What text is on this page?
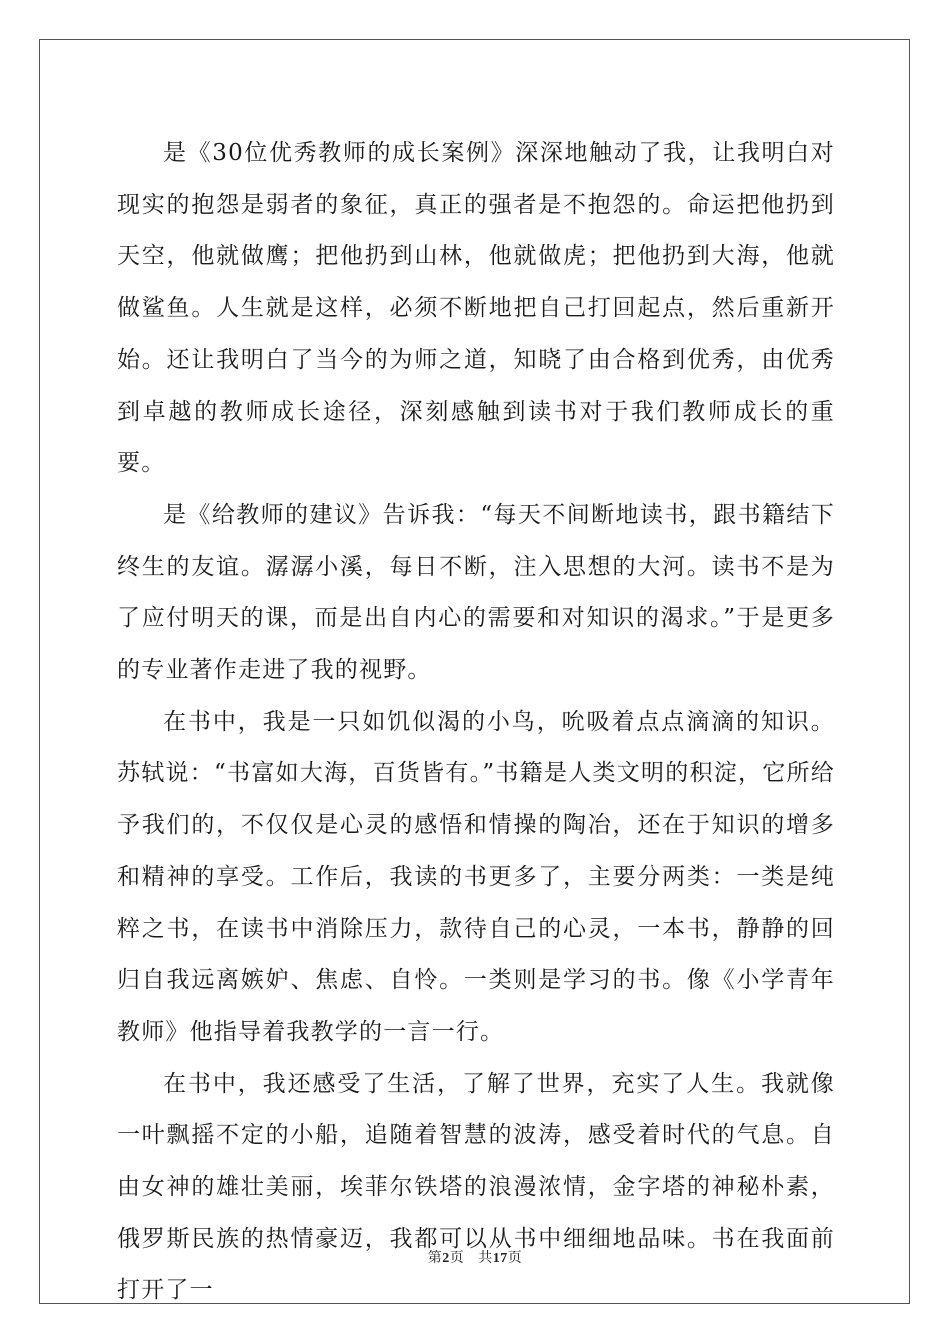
是《30位优秀教师的成长案例》深深地触动了我，让我明白对现实的抱怨是弱者的象征，真正的强者是不抱怨的。命运把他扔到天空，他就做鹰；把他扔到山林，他就做虎；把他扔到大海，他就做鲨鱼。人生就是这样，必须不断地把自己打回起点，然后重新开始。还让我明白了当今的为师之道，知晓了由合格到优秀，由优秀到卓越的教师成长途径，深刻感触到读书对于我们教师成长的重要。

是《给教师的建议》告诉我：“每天不间断地读书，跟书籍结下终生的友谊。潺潺小溪，每日不断，注入思想的大河。读书不是为了应付明天的课，而是出自内心的需要和对知识的渴求。”于是更多的专业著作走进了我的视野。

在书中，我是一只如饥似渴的小鸟，吮吸着点点滴滴的知识。苏轼说：“书富如大海，百货皆有。”书籍是人类文明的积淀，它所给予我们的，不仅仅是心灵的感悟和情操的陶冶，还在于知识的增多和精神的享受。工作后，我读的书更多了，主要分两类：一类是纯粹之书，在读书中消除压力，款待自己的心灵，一本书，静静的回归自我远离嫉妒、焦虑、自怜。一类则是学习的书。像《小学青年教师》他指导着我教学的一言一行。

在书中，我还感受了生活，了解了世界，充实了人生。我就像一叶飘摇不定的小船，追随着智慧的波涛，感受着时代的气息。自由女神的雄壮美丽，埃菲尔铁塔的浪漫浓情，金字塔的神秘朴素，俄罗斯民族的热情豪迈，我都可以从书中细细地品味。书在我面前打开了一

第2页 共17页
